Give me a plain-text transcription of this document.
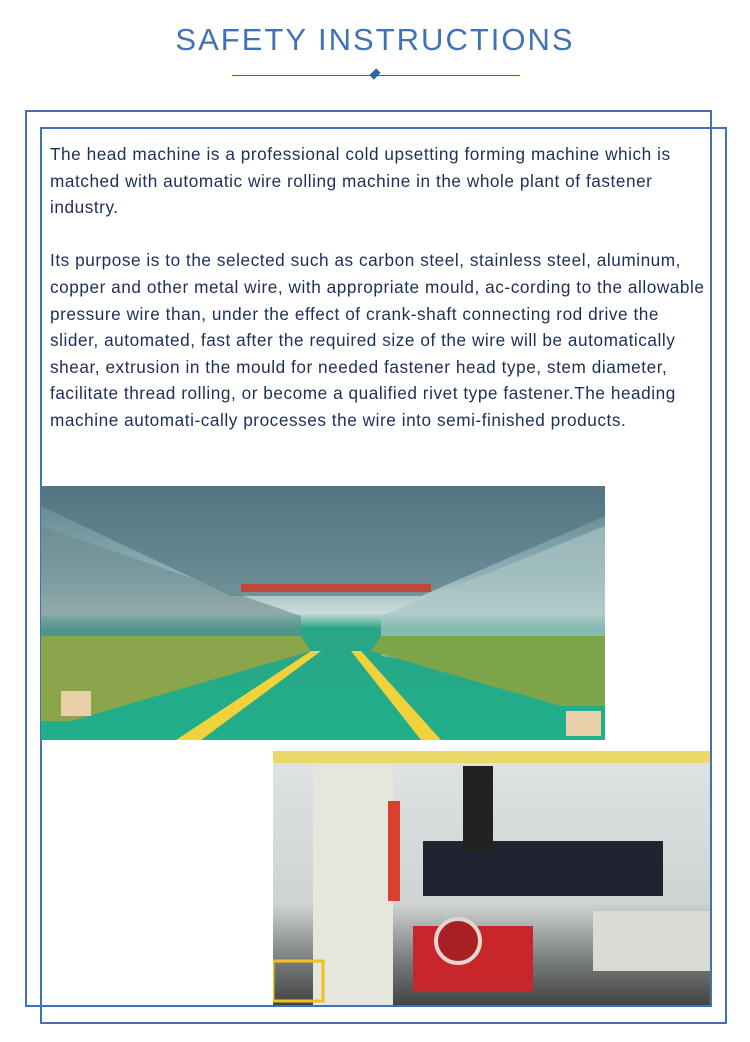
SAFETY INSTRUCTIONS

The head machine is a professional cold upsetting forming machine which is matched with automatic wire rolling machine in the whole plant of fastener industry.

Its purpose is to the selected such as carbon steel, stainless steel, aluminum, copper and other metal wire, with appropriate mould, ac-cording to the allowable pressure wire than, under the effect of crank-shaft connecting rod drive the slider, automated, fast after the required size of the wire will be automatically shear, extrusion in the mould for needed fastener head type, stem diameter, facilitate thread rolling, or become a qualified rivet type fastener.The heading machine automati-cally processes the wire into semi-finished products.
